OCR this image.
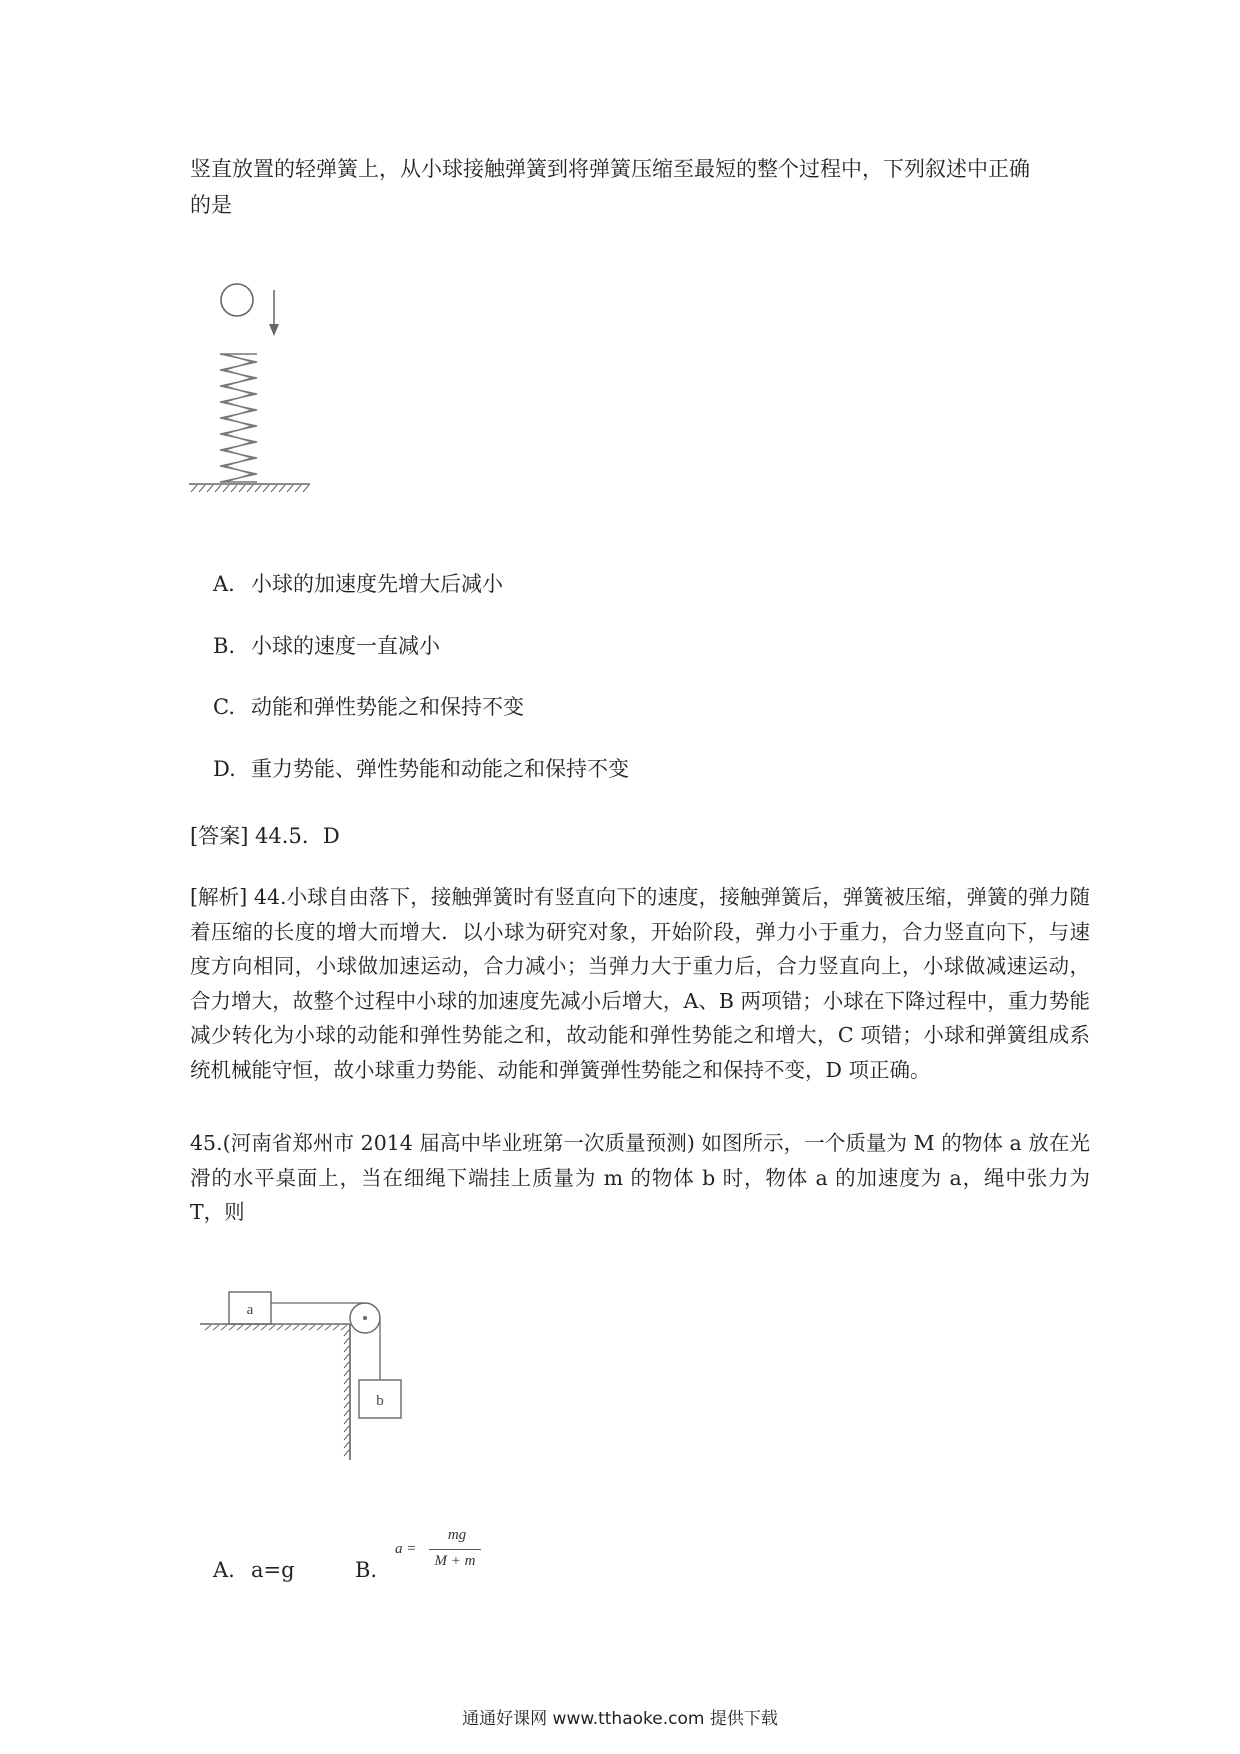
竖直放置的轻弹簧上，从小球接触弹簧到将弹簧压缩至最短的整个过程中，下列叙述中正确

的是

A. 小球的加速度先增大后减小

B. 小球的速度一直减小

C. 动能和弹性势能之和保持不变

D. 重力势能、弹性势能和动能之和保持不变

[答案] 44.5．D

[解析] 44.小球自由落下，接触弹簧时有竖直向下的速度，接触弹簧后，弹簧被压缩，弹簧的弹力随着压缩的长度的增大而增大．以小球为研究对象，开始阶段，弹力小于重力，合力竖直向下，与速度方向相同，小球做加速运动，合力减小；当弹力大于重力后，合力竖直向上，小球做减速运动，合力增大，故整个过程中小球的加速度先减小后增大，A、B 两项错；小球在下降过程中，重力势能减少转化为小球的动能和弹性势能之和，故动能和弹性势能之和增大，C 项错；小球和弹簧组成系统机械能守恒，故小球重力势能、动能和弹簧弹性势能之和保持不变，D 项正确。

45.(河南省郑州市 2014 届高中毕业班第一次质量预测) 如图所示，一个质量为 M 的物体 a 放在光滑的水平桌面上，当在细绳下端挂上质量为 m 的物体 b 时，物体 a 的加速度为 a，绳中张力为 T，则

a
b

A. a=g	B.

a =
mg
M + m
通通好课网 www.tthaoke.com 提供下载
